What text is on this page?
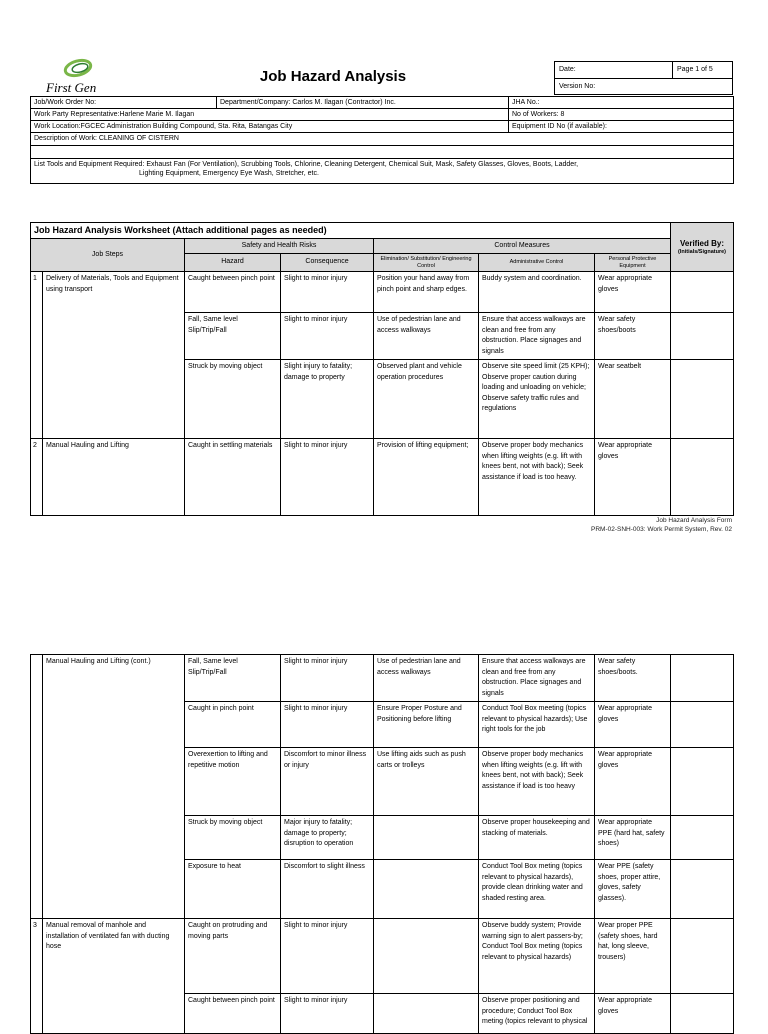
First Gen
Job Hazard Analysis	Date:	Page 1 of 5
Version No:
Job/Work Order No:	Department/Company: Carlos M. Ilagan (Contractor) Inc.	JHA No.:
Work Party Representative:Harlene Marie M. Ilagan		No of Workers: 8
Work Location:FGCEC Administration Building Compound, Sta. Rita, Batangas City		Equipment ID No (if available):
Description of Work: CLEANING OF CISTERN		

List Tools and Equipment Required: Exhaust Fan (For Ventilation), Scrubbing Tools, Chlorine, Cleaning Detergent, Chemical Suit, Mask, Safety Glasses, Gloves, Boots, Ladder,
Lighting Equipment, Emergency Eye Wash, Stretcher, etc.		
Job Hazard Analysis Worksheet (Attach additional pages as needed)							Verified By:
(Initials/Signature)

Job Steps		Safety and Health Risks		Control Measures			
		Hazard	Consequence	Elimination/ Substitution/ Engineering Control	Administrative Control	Personal Protective Equipment	
1	Delivery of Materials, Tools and Equipment using transport	Caught between pinch point	Slight to minor injury	Position your hand away from pinch point and sharp edges.	Buddy system and coordination.	Wear appropriate gloves	
		Fall, Same level Slip/Trip/Fall	Slight to minor injury	Use of pedestrian lane and access walkways	Ensure that access walkways are clean and free from any obstruction. Place signages and signals	Wear safety shoes/boots	
		Struck by moving object	Slight injury to fatality; damage to property	Observed plant and vehicle operation procedures	Observe site speed limit (25 KPH); Observe proper caution during loading and unloading on vehicle; Observe safety traffic rules and regulations	Wear seatbelt	
2	Manual Hauling and Lifting	Caught in settling materials	Slight to minor injury	Provision of lifting equipment;	Observe proper body mechanics when lifting weights (e.g. lift with knees bent, not with back); Seek assistance if load is too heavy.	Wear appropriate gloves	
Job Hazard Analysis Form
PRM-02-SNH-003: Work Permit System, Rev. 02
	Manual Hauling and Lifting (cont.)	Fall, Same level Slip/Trip/Fall	Slight to minor injury	Use of pedestrian lane and access walkways	Ensure that access walkways are clean and free from any obstruction. Place signages and signals	Wear safety shoes/boots.	
		Caught in pinch point	Slight to minor injury	Ensure Proper Posture and Positioning before lifting	Conduct Tool Box meeting (topics relevant to physical hazards); Use right tools for the job	Wear appropriate gloves	
		Overexertion to lifting and repetitive motion	Discomfort to minor illness or injury	Use lifting aids such as push carts or trolleys	Observe proper body mechanics when lifting weights (e.g. lift with knees bent, not with back); Seek assistance if load is too heavy	Wear appropriate gloves	
		Struck by moving object	Major injury to fatality; damage to property; disruption to operation		Observe proper housekeeping and stacking of materials.	Wear appropriate PPE (hard hat, safety shoes)	
		Exposure to heat	Discomfort to slight illness		Conduct Tool Box meting (topics relevant to physical hazards), provide clean drinking water and shaded resting area.	Wear PPE (safety shoes, proper attire, gloves, safety glasses).	
3	Manual removal of manhole and installation of ventilated fan with ducting hose	Caught on protruding and moving parts	Slight to minor injury		Observe buddy system; Provide warning sign to alert passers-by; Conduct Tool Box meting (topics relevant to physical hazards)	Wear proper PPE (safety shoes, hard hat, long sleeve, trousers)	
		Caught between pinch point	Slight to minor injury		Observe proper positioning and procedure; Conduct Tool Box meting (topics relevant to physical	Wear appropriate gloves	
